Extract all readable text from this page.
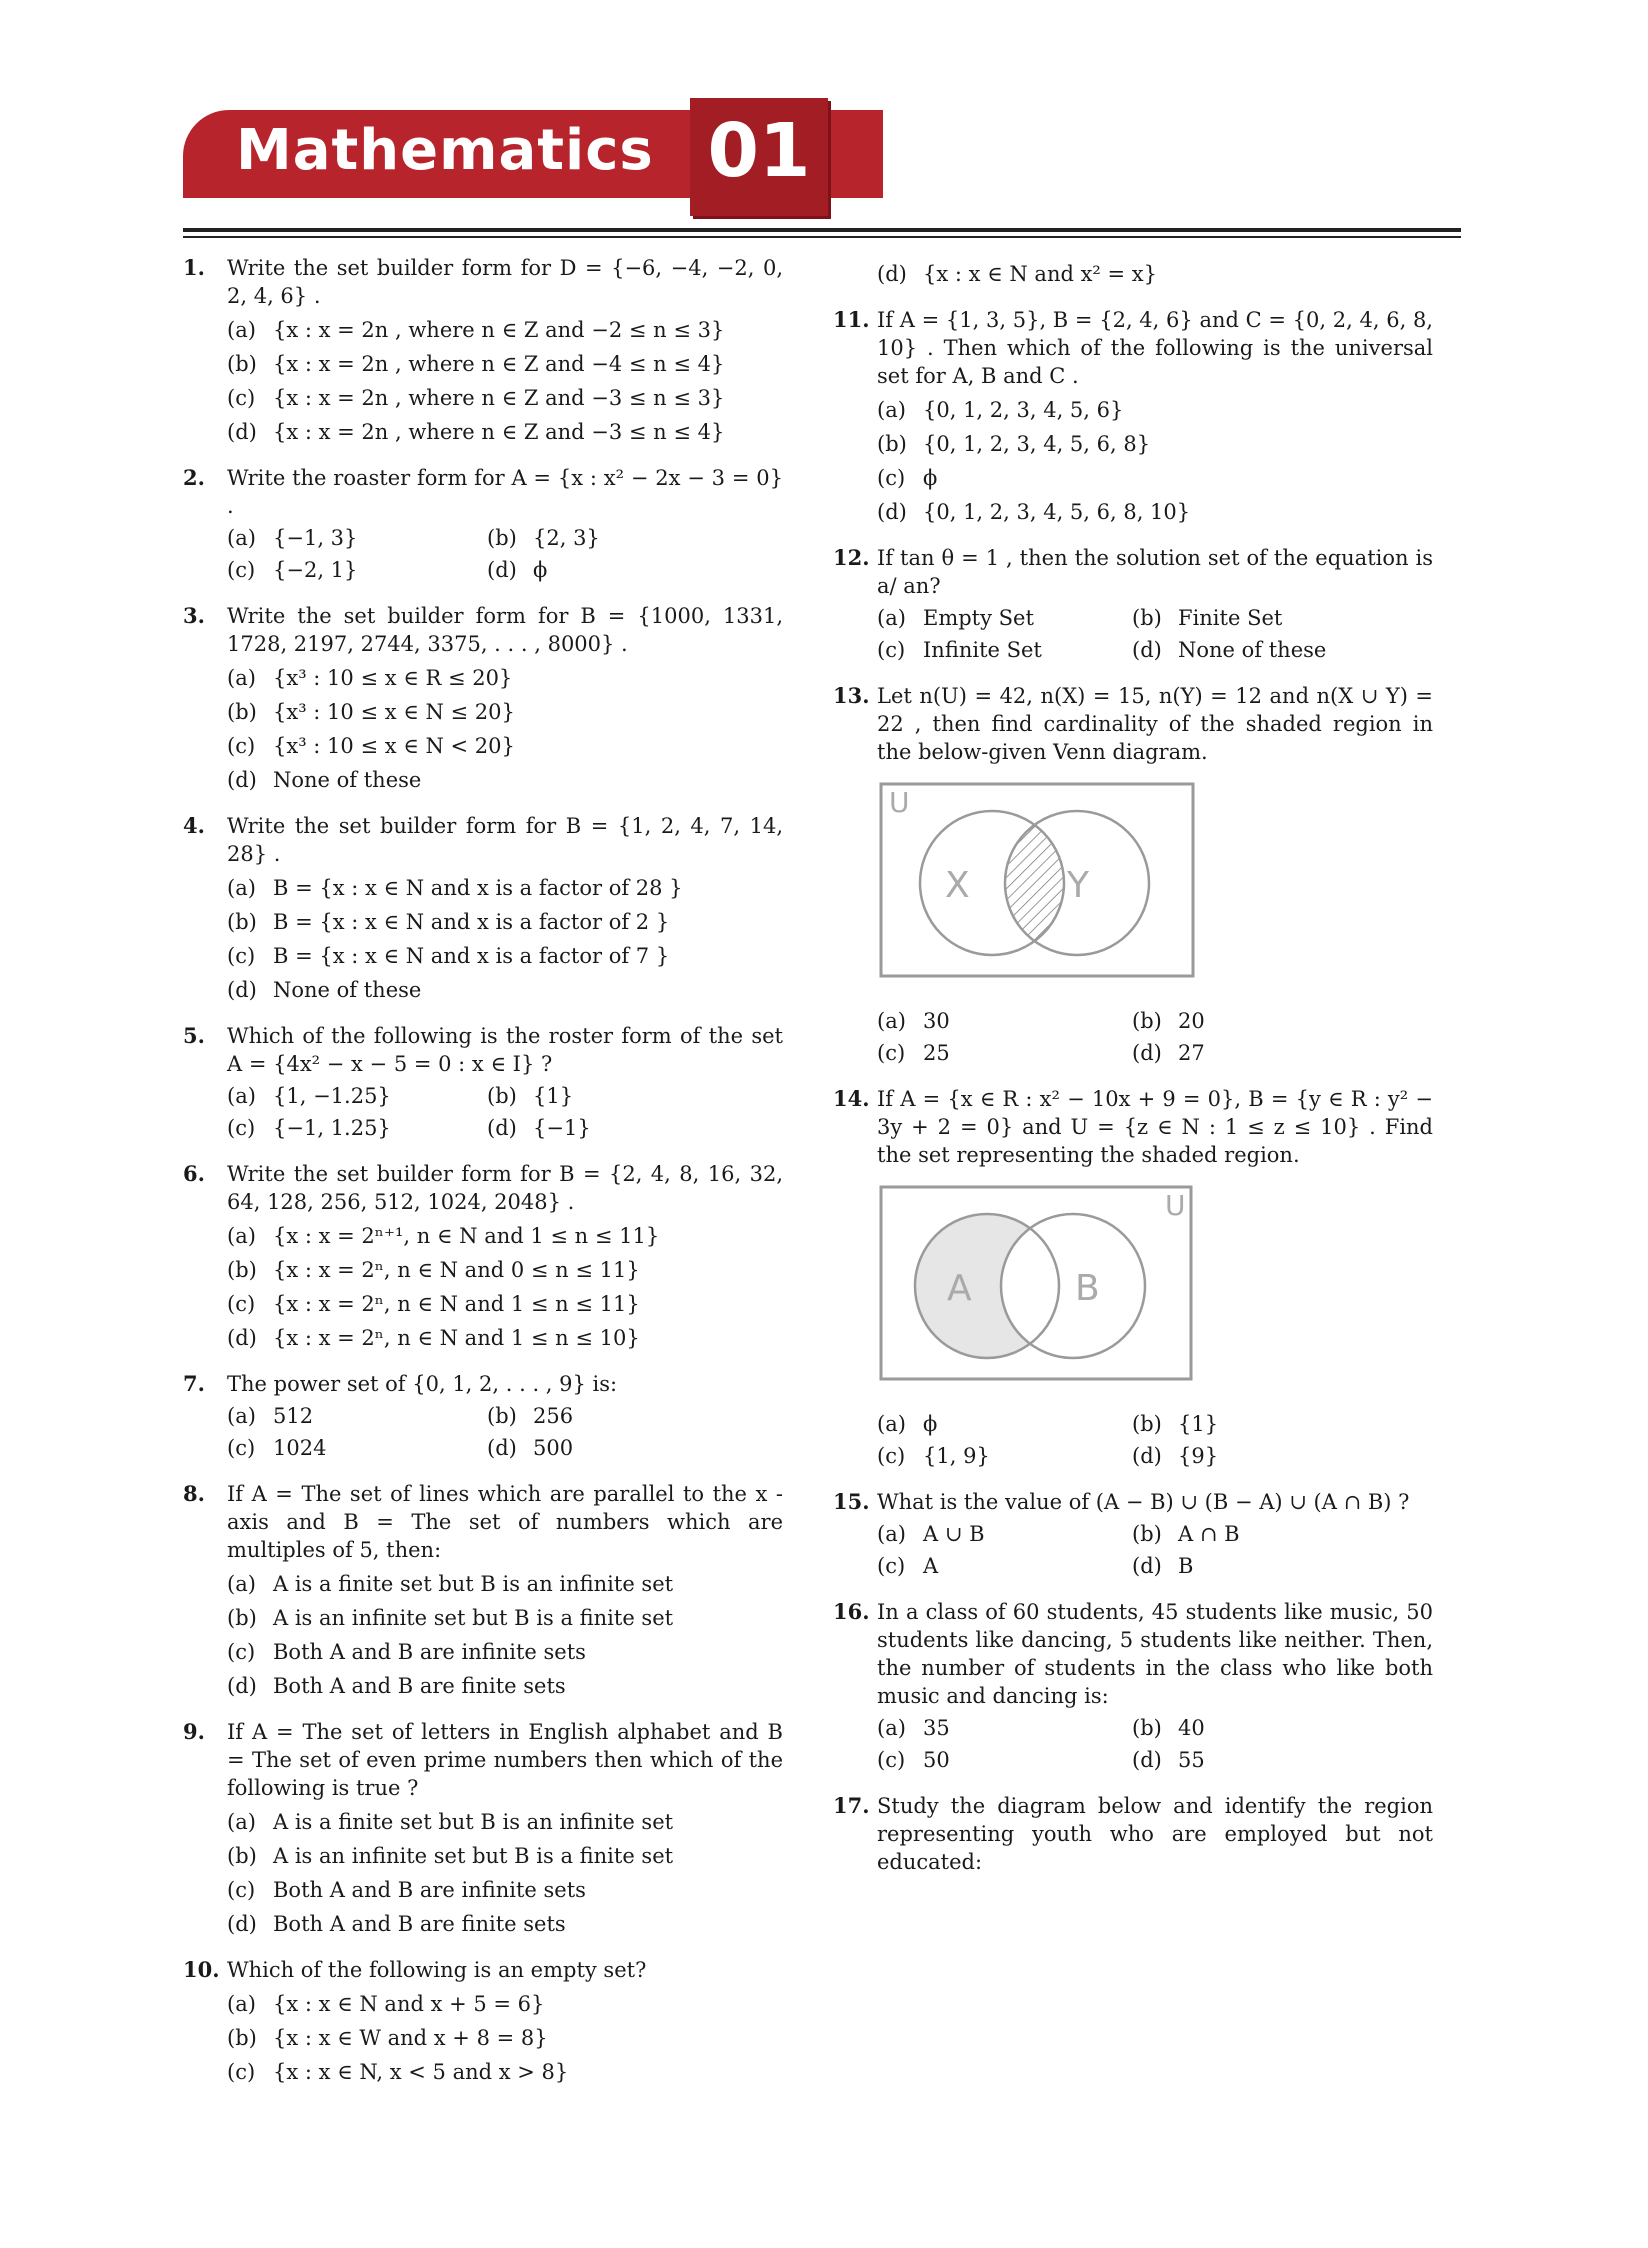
Mathematics 01
1. Write the set builder form for D = {−6, −4, −2, 0, 2, 4, 6} .
(a) {x : x = 2n , where n ∈ Z and −2 ≤ n ≤ 3}
(b) {x : x = 2n , where n ∈ Z and −4 ≤ n ≤ 4}
(c) {x : x = 2n , where n ∈ Z and −3 ≤ n ≤ 3}
(d) {x : x = 2n , where n ∈ Z and −3 ≤ n ≤ 4}
2. Write the roaster form for A = {x : x² − 2x − 3 = 0} .
(a) {−1, 3}	(b) {2, 3}
(c) {−2, 1}	(d) ϕ
3. Write the set builder form for B = {1000, 1331, 1728, 2197, 2744, 3375, . . . , 8000} .
(a) {x³ : 10 ≤ x ∈ R ≤ 20}
(b) {x³ : 10 ≤ x ∈ N ≤ 20}
(c) {x³ : 10 ≤ x ∈ N < 20}
(d) None of these
4. Write the set builder form for B = {1, 2, 4, 7, 14, 28} .
(a) B = {x : x ∈ N and x is a factor of 28 }
(b) B = {x : x ∈ N and x is a factor of 2 }
(c) B = {x : x ∈ N and x is a factor of 7 }
(d) None of these
5. Which of the following is the roster form of the set A = {4x² − x − 5 = 0 : x ∈ I} ?
(a) {1, −1.25}	(b) {1}
(c) {−1, 1.25}	(d) {−1}
6. Write the set builder form for B = {2, 4, 8, 16, 32, 64, 128, 256, 512, 1024, 2048} .
(a) {x : x = 2ⁿ⁺¹, n ∈ N and 1 ≤ n ≤ 11}
(b) {x : x = 2ⁿ, n ∈ N and 0 ≤ n ≤ 11}
(c) {x : x = 2ⁿ, n ∈ N and 1 ≤ n ≤ 11}
(d) {x : x = 2ⁿ, n ∈ N and 1 ≤ n ≤ 10}
7. The power set of {0, 1, 2, . . . , 9} is:
(a) 512	(b) 256
(c) 1024	(d) 500
8. If A = The set of lines which are parallel to the x -axis and B = The set of numbers which are multiples of 5, then:
(a) A is a finite set but B is an infinite set
(b) A is an infinite set but B is a finite set
(c) Both A and B are infinite sets
(d) Both A and B are finite sets
9. If A = The set of letters in English alphabet and B = The set of even prime numbers then which of the following is true ?
(a) A is a finite set but B is an infinite set
(b) A is an infinite set but B is a finite set
(c) Both A and B are infinite sets
(d) Both A and B are finite sets
10. Which of the following is an empty set?
(a) {x : x ∈ N and x + 5 = 6}
(b) {x : x ∈ W and x + 8 = 8}
(c) {x : x ∈ N, x < 5 and x > 8}
(d) {x : x ∈ N and x² = x}
11. If A = {1, 3, 5}, B = {2, 4, 6} and C = {0, 2, 4, 6, 8, 10} . Then which of the following is the universal set for A, B and C .
(a) {0, 1, 2, 3, 4, 5, 6}
(b) {0, 1, 2, 3, 4, 5, 6, 8}
(c) ϕ
(d) {0, 1, 2, 3, 4, 5, 6, 8, 10}
12. If tan θ = 1 , then the solution set of the equation is a/ an?
(a) Empty Set	(b) Finite Set
(c) Infinite Set	(d) None of these
13. Let n(U) = 42, n(X) = 15, n(Y) = 12 and n(X ∪ Y) = 22 , then find cardinality of the shaded region in the below-given Venn diagram.
U
X	Y
(a) 30	(b) 20
(c) 25	(d) 27
14. If A = {x ∈ R : x² − 10x + 9 = 0}, B = {y ∈ R : y² − 3y + 2 = 0} and U = {z ∈ N : 1 ≤ z ≤ 10} . Find the set representing the shaded region.
U
A	B
(a) ϕ	(b) {1}
(c) {1, 9}	(d) {9}
15. What is the value of (A − B) ∪ (B − A) ∪ (A ∩ B) ?
(a) A ∪ B	(b) A ∩ B
(c) A	(d) B
16. In a class of 60 students, 45 students like music, 50 students like dancing, 5 students like neither. Then, the number of students in the class who like both music and dancing is:
(a) 35	(b) 40
(c) 50	(d) 55
17. Study the diagram below and identify the region representing youth who are employed but not educated:
